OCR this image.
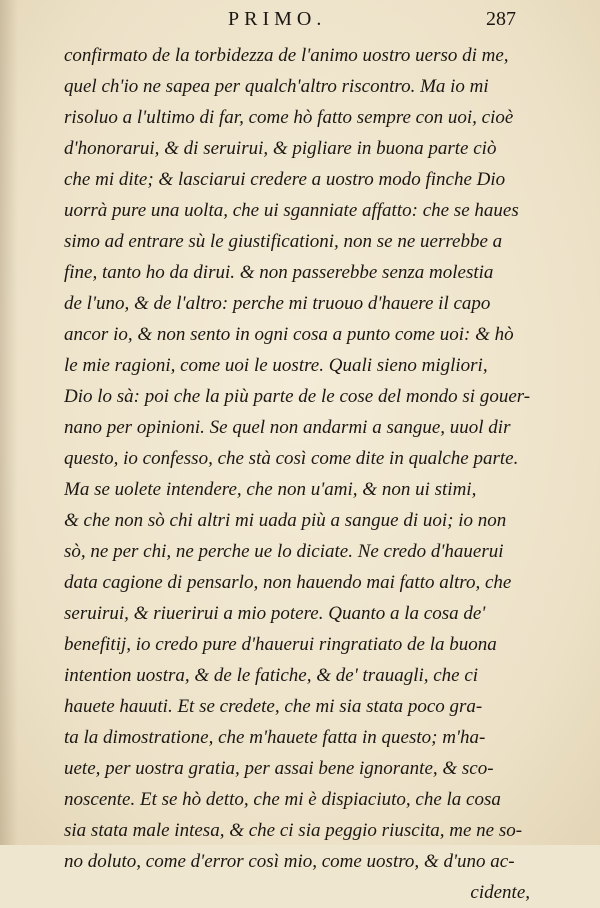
PRIMO.	287
confirmato de la torbidezza de l'animo uostro uerso di me,
quel ch'io ne sapea per qualch'altro riscontro. Ma io mi
risoluo a l'ultimo di far, come hò fatto sempre con uoi, cioè
d'honorarui, & di seruirui, & pigliare in buona parte ciò
che mi dite; & lasciarui credere a uostro modo finche Dio
uorrà pure una uolta, che ui sganniate affatto: che se haues
simo ad entrare sù le giustificationi, non se ne uerrebbe a
fine, tanto ho da dirui. & non passerebbe senza molestia
de l'uno, & de l'altro: perche mi truouo d'hauere il capo
ancor io, & non sento in ogni cosa a punto come uoi: & hò
le mie ragioni, come uoi le uostre. Quali sieno migliori,
Dio lo sà: poi che la più parte de le cose del mondo si gouer-
nano per opinioni. Se quel non andarmi a sangue, uuol dir
questo, io confesso, che stà così come dite in qualche parte.
Ma se uolete intendere, che non u'ami, & non ui stimi,
& che non sò chi altri mi uada più a sangue di uoi; io non
sò, ne per chi, ne perche ue lo diciate. Ne credo d'hauerui
data cagione di pensarlo, non hauendo mai fatto altro, che
seruirui, & riuerirui a mio potere. Quanto a la cosa de'
benefitij, io credo pure d'hauerui ringratiato de la buona
intention uostra, & de le fatiche, & de' trauagli, che ci
hauete hauuti. Et se credete, che mi sia stata poco gra-
ta la dimostratione, che m'hauete fatta in questo; m'ha-
uete, per uostra gratia, per assai bene ignorante, & sco-
noscente. Et se hò detto, che mi è dispiaciuto, che la cosa
sia stata male intesa, & che ci sia peggio riuscita, me ne so-
no doluto, come d'error così mio, come uostro, & d'uno ac-
cidente,
